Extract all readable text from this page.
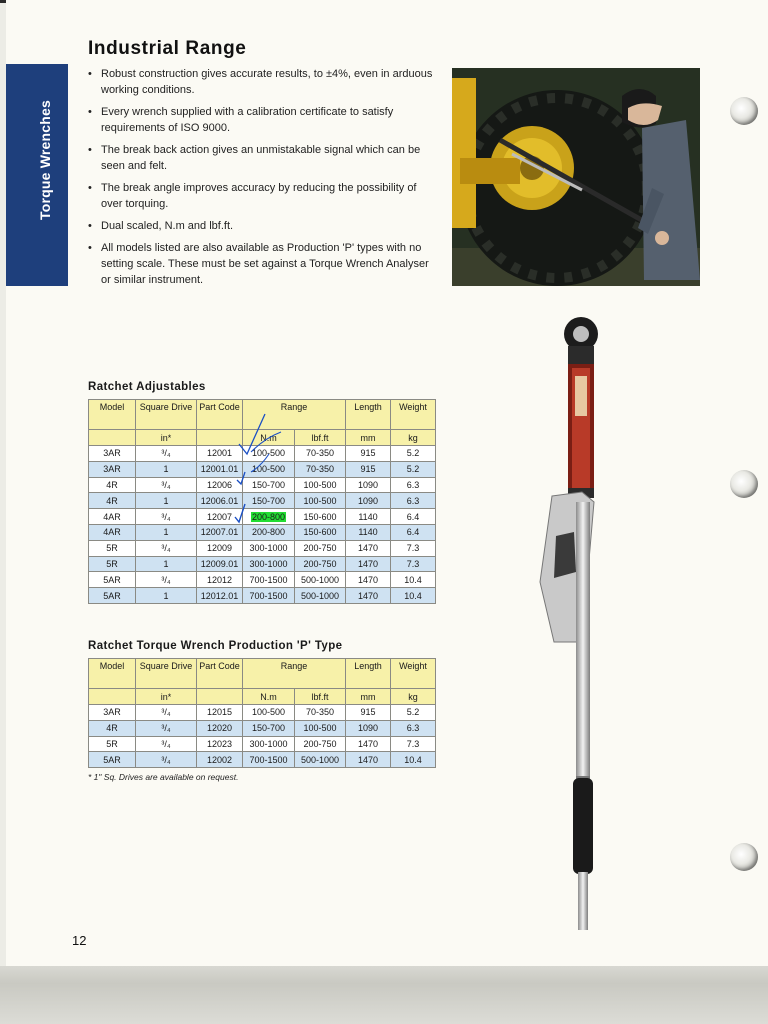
Torque Wrenches
Industrial Range
• Robust construction gives accurate results, to ±4%, even in arduous working conditions.
• Every wrench supplied with a calibration certificate to satisfy requirements of ISO 9000.
• The break back action gives an unmistakable signal which can be seen and felt.
• The break angle improves accuracy by reducing the possibility of over torquing.
• Dual scaled, N.m and lbf.ft.
• All models listed are also available as Production 'P' types with no setting scale. These must be set against a Torque Wrench Analyser or similar instrument.
Ratchet Adjustables
Model	Square Drive	Part Code	Range		Length	Weight
	in*		N.m	lbf.ft	mm	kg
3AR	³/₄	12001	100-500	70-350	915	5.2
3AR	1	12001.01	100-500	70-350	915	5.2
4R	³/₄	12006	150-700	100-500	1090	6.3
4R	1	12006.01	150-700	100-500	1090	6.3
4AR	³/₄	12007	200-800	150-600	1140	6.4
4AR	1	12007.01	200-800	150-600	1140	6.4
5R	³/₄	12009	300-1000	200-750	1470	7.3
5R	1	12009.01	300-1000	200-750	1470	7.3
5AR	³/₄	12012	700-1500	500-1000	1470	10.4
5AR	1	12012.01	700-1500	500-1000	1470	10.4
Ratchet Torque Wrench Production 'P' Type
Model	Square Drive	Part Code	Range		Length	Weight
	in*		N.m	lbf.ft	mm	kg
3AR	³/₄	12015	100-500	70-350	915	5.2
4R	³/₄	12020	150-700	100-500	1090	6.3
5R	³/₄	12023	300-1000	200-750	1470	7.3
5AR	³/₄	12002	700-1500	500-1000	1470	10.4
* 1" Sq. Drives are available on request.
12
